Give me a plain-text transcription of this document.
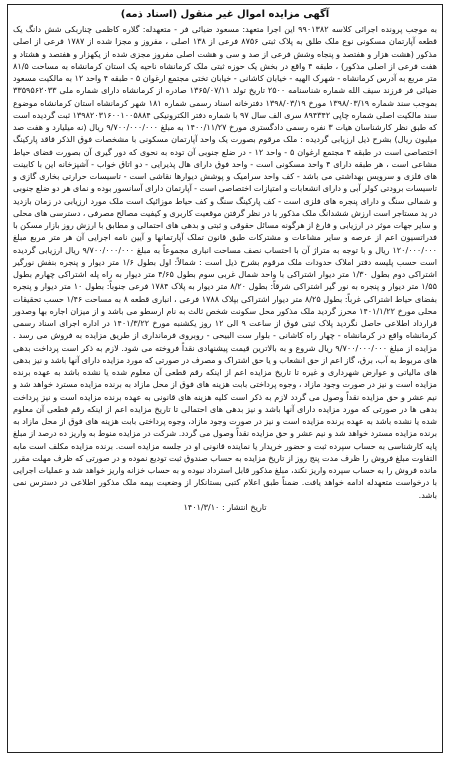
آگهی مزایده اموال غیر منقول (اسناد ذمه)

به موجب پرونده اجرائی کلاسه ۹۹۰۱۳۸۲ این اجرا متعهد: مسعود ضیائی فر - متعهدله: گلاره کاظمی چناربکی شش دانگ یک قطعه آپارتمان مسکونی نوع ملک طلق به پلاک ثبتی ۸۷۵۶ فرعی از ۱۳۸ اصلی ، مفروز و مجزا شده از ۱۷۸۷ فرعی از اصلی مذکور (هشت هزار و هفتصد و پنجاه وشش فرعی از صد و سی و هشت اصلی مفروز مجزی شده از یکهزار و هفتصد و هشتاد و هفت فرعی از اصلی مذکور) ، طبقه ۴ واقع در بخش یک حوزه ثبتی ملک کرمانشاه ناحیه یک استان کرمانشاه به مساحت ۸۱/۵ متر مربع به آدرس کرمانشاه - شهرک الهیه - خیابان کاشانی - خیابان تختی مجتمع ارغوان ۵ - طبقه ۴ واحد ۱۲ به مالکیت مسعود ضیائی فر فرزند سیف الله شماره شناسنامه ۲۵۰۰ تاریخ تولد ۱۳۶۵/۰۷/۱۱ صادره از کرمانشاه دارای شماره ملی ۳۳۵۹۵۶۲۰۳۳ بموجب سند شماره ۱۳۹۸/۰۳/۱۹ مورخ ۱۳۹۸/۰۳/۱۹ دفترخانه اسناد رسمی شماره ۱۸۱ شهر کرمانشاه استان کرمانشاه موضوع سند مالکیت اصلی شماره چاپی ۸۹۴۳۴۲ سری الف سال ۹۷ با شماره دفتر الکترونیکی ۱۳۹۸۲۰۳۱۶۰۰۱۰۰۵۸۸۴ ثبت گردیده است که طبق نظر کارشناسان هیات ۳ نفره رسمی دادگستری مورخ ۱۴۰۰/۱۱/۲۷ به مبلغ ۹/۷۰۰/۰۰۰/۰۰۰ ریال (نه میلیارد و هفت صد میلیون ریال) بشرح ذیل ارزیابی گردیده : ملک مرقوم بصورت یک واحد آپارتمان مسکونی با مشخصات فوق الذکر فاقد پارکینگ اختصاصی است در طبقه ۴ مجتمع ارغوان ۵ - واحد ۱۲ - در ضلع جنوبی آن توده به نحوی که دور گیری آن بصورت فضای حیاط مشاعی است ، هر طبقه دارای ۴ واحد مسکونی است - واحد فوق دارای هال پذیرایی - دو اتاق خواب - آشپزخانه این با کابینت های فلزی و سرویس بهداشتی می باشد - کف واحد سرامیک و پوشش دیوارها نقاشی است - تاسیسات حرارتی بخاری گازی و تاسیسات برودتی کولر آبی و دارای انشعابات و امتیازات اختصاصی است - آپارتمان دارای آسانسور بوده و نمای هر دو ضلع جنوبی و شمالی سنگ و دارای پنجره های فلزی است - کف پارکینگ سنگ و کف حیاط موزائیک است ملک مورد ارزیابی در زمان بازدید در ید مستاجر است ارزش ششدانگ ملک مذکور با در نظر گرفتن موقعیت کاربری و کیفیت مصالح مصرفی ، دسترسی های محلی و سایر جهات موثر در ارزیابی و فارغ از هرگونه مسائل حقوقی و ثبتی و بدهی های احتمالی و مطابق با ارزش روز بازار مسکن با فدراتسیون اعم از عرصه و سایر مشاعات و مشترکات طبق قانون تملک آپارتمانها و آیین نامه اجرایی آن هر متر مربع مبلغ ۱۲۰/۰۰۰/۰۰۰ ریال و با توجه به متراژ آن با احتساب نصف مساحت انباری مجموعاً به مبلغ ۹/۷۰۰/۰۰۰/۰۰۰ ریال ارزیابی گردیده است حسب پلیسه دفتر املاک حدودات ملک مرقوم بشرح ذیل است : شمالاً: اول بطول ۱/۶ متر دیوار و پنجره بنفش نورگیر اشتراکی دوم بطول ۱/۳۰ متر دیوار اشتراکی با واحد شمال غربی سوم بطول ۴/۶۵ متر دیوار به راه پله اشتراکی چهارم بطول ۱/۵۵ متر دیوار و پنجره به نور گیر اشتراکی شرقاً: بطول ۸/۲۰ متر دیوار به پلاک ۱۷۸۴ فرعی جنوباً: بطول ۱۰ متر دیوار و پنجره بفضای حیاط اشتراکی غرباً: بطول ۸/۲۵ متر دیوار اشتراکی بپلاک ۱۷۸۸ فرعی ، انباری قطعه ۸ به مساحت ۱/۴۶ حسب تحقیقات محلی مورخ ۱۴۰۱/۱/۲۲ محرز گردید ملک مذکور محل سکونت شخص ثالث به نام ارسطو می باشد و از میزان اجاره بها وصدور قرارداد اطلاعی حاصل نگردید پلاک ثبتی فوق از ساعت ۹ الی ۱۲ روز یکشنبه مورخ ۱۴۰۱/۳/۲۲ در اداره اجرای اسناد رسمی کرمانشاه واقع در کرمانشاه - چهار راه کاشانی - بلوار ست البیحی - روبروی فرمانداری از طریق مزایده به فروش می رسد . مزایده از مبلغ ۹/۷۰۰/۰۰۰/۰۰۰ ریال شروع و به بالاترین قیمت پیشنهادی نقداً فروخته می شود. لازم به ذکر است پرداخت بدهی های مربوط به آب، برق، گاز اعم از حق انشعاب و یا حق اشتراک و مصرف در صورتی که مورد مزایده دارای آنها باشد و نیز بدهی های مالیاتی و عوارض شهرداری و غیره تا تاریخ مزایده اعم از اینکه رقم قطعی آن معلوم شده یا نشده باشد به عهده برنده مزایده است و نیز در صورت وجود مازاد ، وجوه پرداختی بابت هزینه های فوق از محل مازاد به برنده مزایده مسترد خواهد شد و نیم عشر و حق مزایده نقداً وصول می گردد لازم به ذکر است کلیه هزینه های قانونی به عهده برنده مزایده است و نیز پرداخت بدهی ها در صورتی که مورد مزایده دارای آنها باشد و نیز بدهی های احتمالی تا تاریخ مزایده اعم از اینکه رقم قطعی آن معلوم شده یا نشده باشد به عهده برنده مزایده است و نیز در صورت وجود مازاد، وجوه پرداختی بابت هزینه های فوق از محل مازاد به برنده مزایده مسترد خواهد شد و نیم عشر و حق مزایده نقداً وصول می گردد. شرکت در مزایده منوط به واریز ده درصد از مبلغ پایه کارشناسی به حساب سپرده ثبت و حضور خریدار یا نماینده قانونی او در جلسه مزایده است. برنده مزایده مکلف است مابه التفاوت مبلغ فروش را ظرف مدت پنج روز از تاریخ مزایده به حساب صندوق ثبت تودیع نموده و در صورتی که ظرف مهلت مقرر مانده فروش را به حساب سپرده واریز نکند، مبلغ مذکور قابل استرداد نبوده و به حساب خزانه واریز خواهد شد و عملیات اجرایی با درخواست متعهدله ادامه خواهد یافت. ضمناً طبق اعلام کتبی بستانکار از وضعیت بیمه ملک مذکور اطلاعی در دسترس نمی باشد.

تاریخ انتشار : ۱۴۰۱/۳/۱۰
